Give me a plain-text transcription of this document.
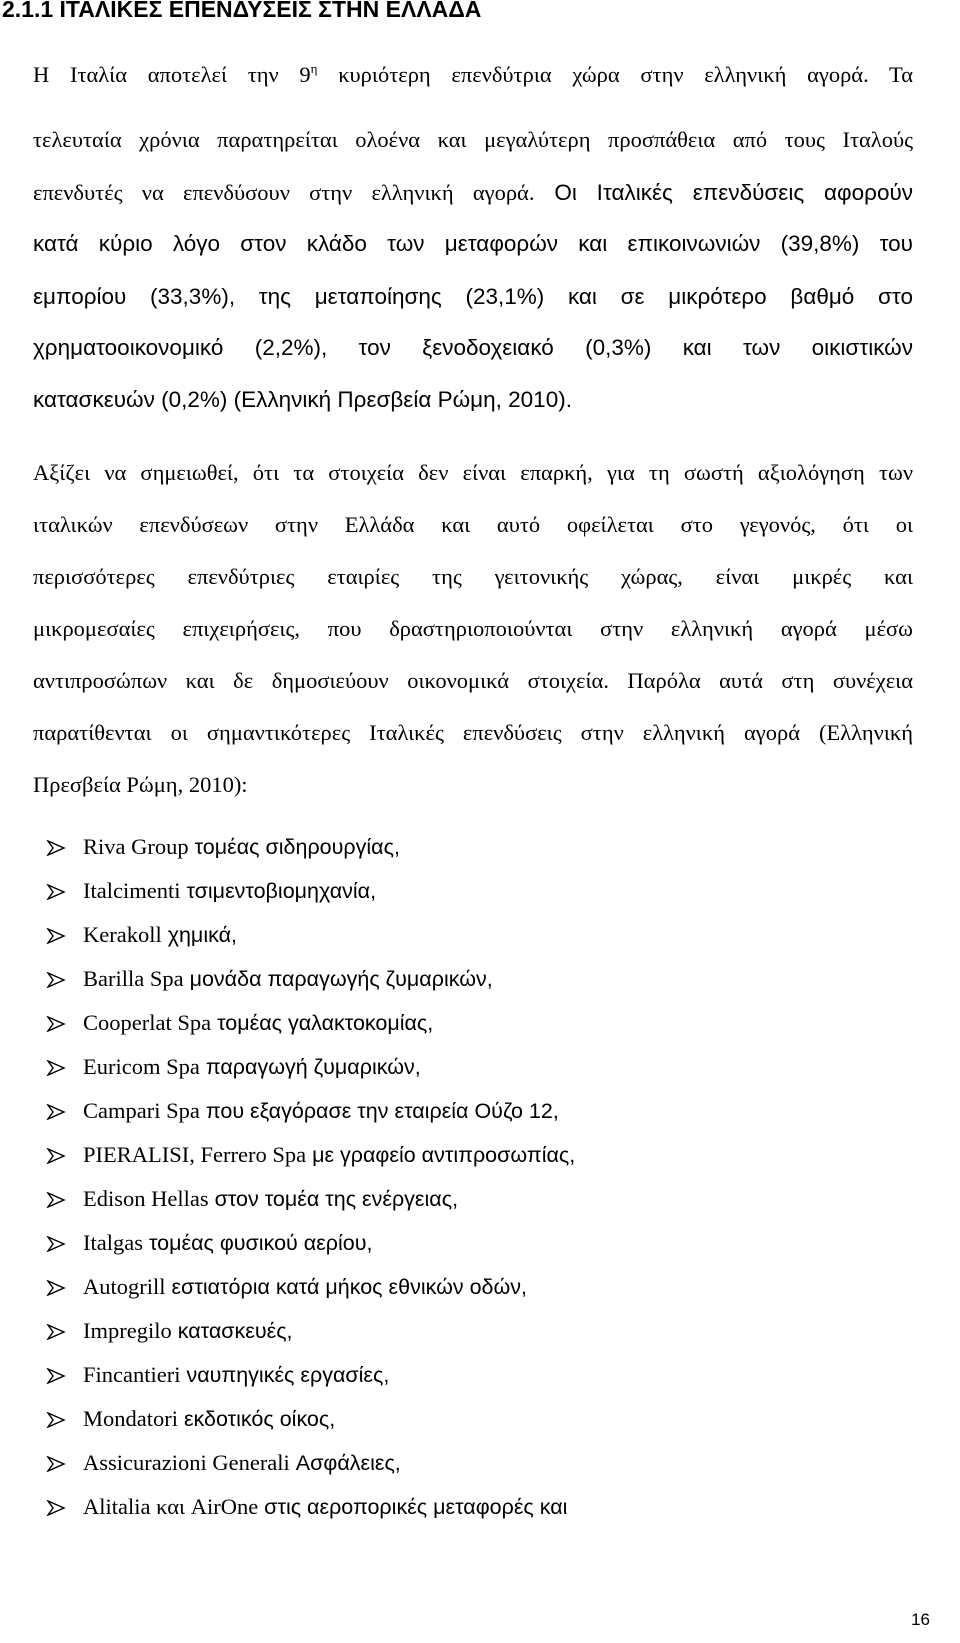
2.1.1 ΙΤΑΛΙΚΕΣ ΕΠΕΝΔΥΣΕΙΣ ΣΤΗΝ ΕΛΛΑΔΑ

Η Ιταλία αποτελεί την $9^\eta$ κυριότερη επενδύτρια χώρα στην ελληνική αγορά. Τα

τελευταία χρόνια παρατηρείται ολοένα και μεγαλύτερη προσπάθεια από τους Ιταλούς

επενδυτές να επενδύσουν στην ελληνική αγορά. Οι Ιταλικές επενδύσεις αφορούν

κατά κύριο λόγο στον κλάδο των μεταφορών και επικοινωνιών (39,8%) του

εμπορίου (33,3%), της μεταποίησης (23,1%) και σε μικρότερο βαθμό στο

χρηματοοικονομικό (2,2%), τον ξενοδοχειακό (0,3%) και των οικιστικών

κατασκευών (0,2%) (Ελληνική Πρεσβεία Ρώμη, 2010).

Αξίζει να σημειωθεί, ότι τα στοιχεία δεν είναι επαρκή, για τη σωστή αξιολόγηση των

ιταλικών επενδύσεων στην Ελλάδα και αυτό οφείλεται στο γεγονός, ότι οι

περισσότερες επενδύτριες εταιρίες της γειτονικής χώρας, είναι μικρές και

μικρομεσαίες επιχειρήσεις, που δραστηριοποιούνται στην ελληνική αγορά μέσω

αντιπροσώπων και δε δημοσιεύουν οικονομικά στοιχεία. Παρόλα αυτά στη συνέχεια

παρατίθενται οι σημαντικότερες Ιταλικές επενδύσεις στην ελληνική αγορά (Ελληνική

Πρεσβεία Ρώμη, 2010):

Riva Group τομέας σιδηρουργίας,
Italcimenti τσιμεντοβιομηχανία,
Kerakoll χημικά,
Barilla Spa μονάδα παραγωγής ζυμαρικών,
Cooperlat Spa τομέας γαλακτοκομίας,
Euricom Spa παραγωγή ζυμαρικών,
Campari Spa που εξαγόρασε την εταιρεία Ούζο 12,
PIERALISI, Ferrero Spa με γραφείο αντιπροσωπίας,
Edison Hellas στον τομέα της ενέργειας,
Italgas τομέας φυσικού αερίου,
Autogrill εστιατόρια κατά μήκος εθνικών οδών,
Impregilo κατασκευές,
Fincantieri ναυπηγικές εργασίες,
Mondatori εκδοτικός οίκος,
Assicurazioni Generali Ασφάλειες,
Alitalia και AirOne στις αεροπορικές μεταφορές και
16
